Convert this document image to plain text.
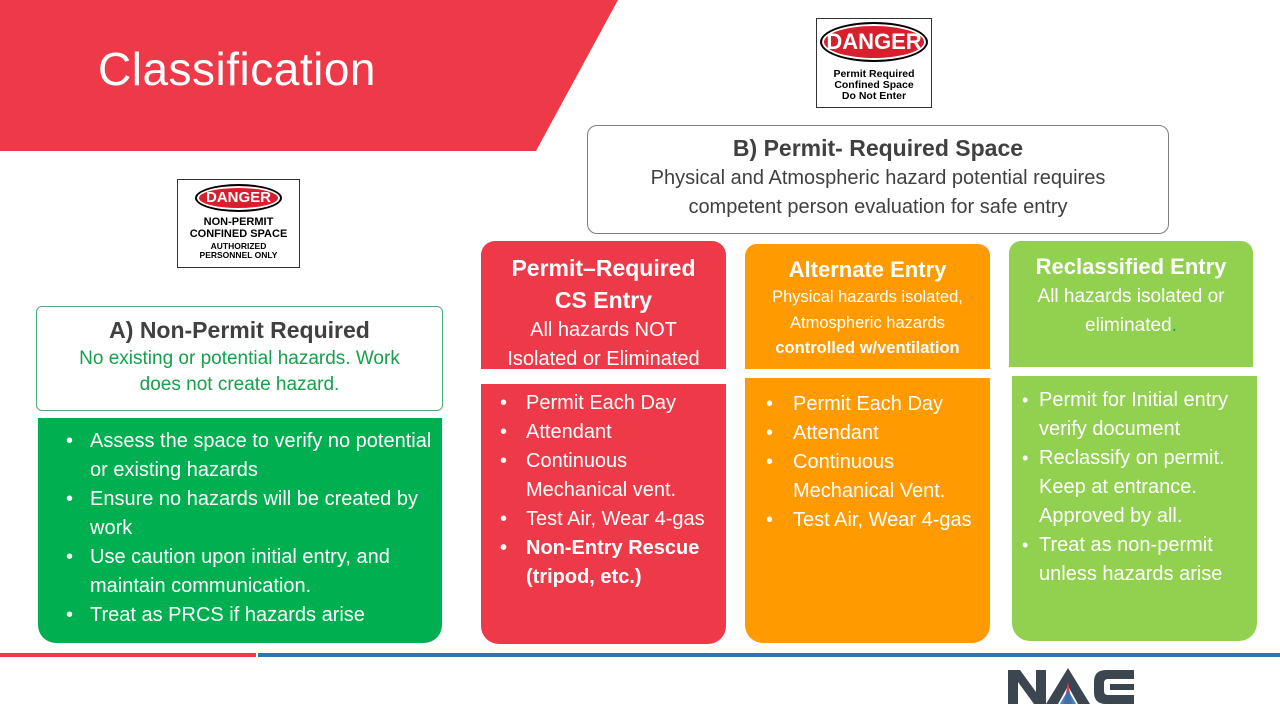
Classification
DANGER
Permit Required
Confined Space
Do Not Enter
DANGER
NON-PERMIT
CONFINED SPACE
AUTHORIZED
PERSONNEL ONLY
B) Permit- Required Space
Physical and Atmospheric hazard potential requires
competent person evaluation for safe entry
A) Non-Permit Required
No existing or potential hazards. Work
does not create hazard.
• Assess the space to verify no potential or existing hazards
• Ensure no hazards will be created by work
• Use caution upon initial entry, and maintain communication.
• Treat as PRCS if hazards arise
Permit–Required
CS Entry
All hazards NOT
Isolated or Eliminated
• Permit Each Day
• Attendant
• Continuous Mechanical vent.
• Test Air, Wear 4-gas
• Non-Entry Rescue (tripod, etc.)
Alternate Entry
Physical hazards isolated,
Atmospheric hazards
controlled w/ventilation
• Permit Each Day
• Attendant
• Continuous Mechanical Vent.
• Test Air, Wear 4-gas
Reclassified Entry
All hazards isolated or
eliminated.
• Permit for Initial entry verify document
• Reclassify on permit. Keep at entrance. Approved by all.
• Treat as non-permit unless hazards arise
